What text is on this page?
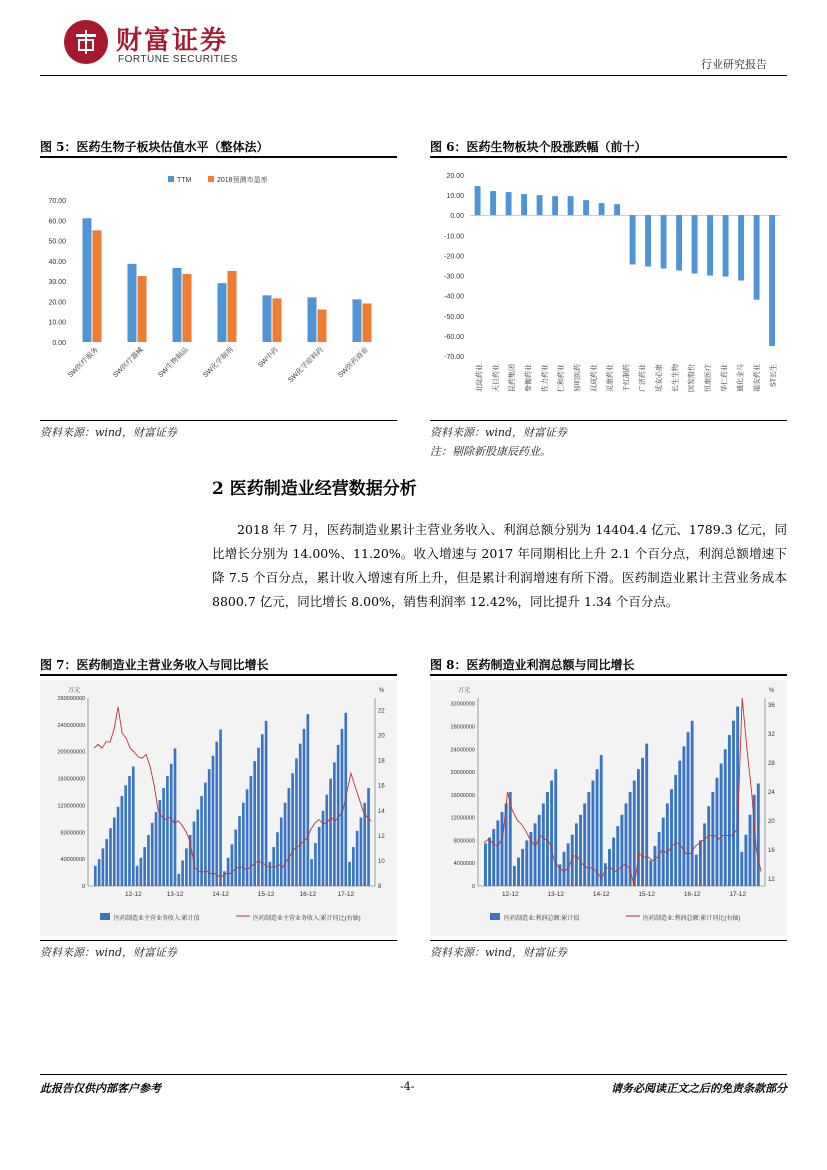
财富证券
FORTUNE SECURITIES	行业研究报告
图 5：医药生物子板块估值水平（整体法）
0.00
10.00
20.00
30.00
40.00
50.00
60.00
70.00
TTM	2018预测市盈率
SW医疗服务 SW医疗器械 SW生物制品 SW化学制剂	SW中药 SW化学原料药 SW医药商业
资料来源：wind，财富证券
图 6：医药生物板块个股涨跌幅（前十）
20.00
10.00
0.00
-10.00
-20.00
-30.00
-40.00
-50.00
-60.00
-70.00
北陆药业 天目药业 昆药集团 誉衡药业 佐力药业 仁和药业 易明医药 双成药业 灵康药业 千红制药 广济药业 延安必康 长生生物 国发股份 恒康医疗 华仁药业 通化金马 福安药业 ST长生
资料来源：wind，财富证券
注：剔除新股康辰药业。
2 医药制造业经营数据分析
2018 年 7 月，医药制造业累计主营业务收入、利润总额分别为 14404.4 亿元、1789.3 亿元，同比增长分别为 14.00%、11.20%。收入增速与 2017 年同期相比上升 2.1 个百分点，利润总额增速下降 7.5 个百分点，累计收入增速有所上升，但是累计利润增速有所下滑。医药制造业累计主营业务成本 8800.7 亿元，同比增长 8.00%，销售利润率 12.42%，同比提升 1.34 个百分点。
图 7：医药制造业主营业务收入与同比增长
万元	%
0
40000000
80000000
120000000
160000000
200000000
240000000
280000000
8
10
12
14
16
18
20
22
12-12	13-12	14-12	15-12	16-12	17-12
医药制造业主营业务收入:累计值	医药制造业主营业务收入:累计同比(右轴)
资料来源：wind，财富证券
图 8：医药制造业利润总额与同比增长
万元	%
0
4000000
8000000
12000000
16000000
20000000
24000000
28000000
32000000
12
16
20
24
28
32
36
12-12	13-12	14-12	15-12	16-12	17-12
医药制造业:利润总额:累计值	医药制造业:利润总额:累计同比(右轴)
资料来源：wind，财富证券
此报告仅供内部客户参考	-4-	请务必阅读正文之后的免责条款部分
